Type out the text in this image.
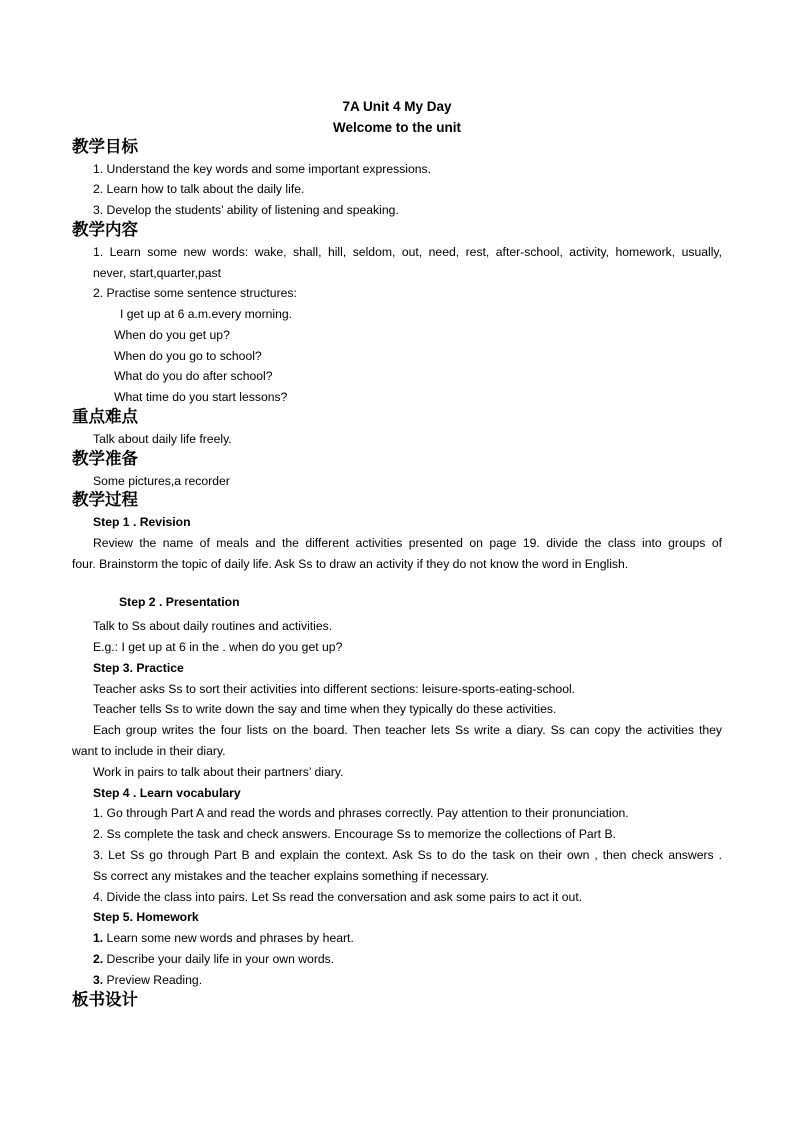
7A Unit 4 My Day
Welcome to the unit
教学目标
1. Understand the key words and some important expressions.
2. Learn how to talk about the daily life.
3. Develop the students’ ability of listening and speaking.
教学内容
1. Learn some new words: wake, shall, hill, seldom, out, need, rest, after-school, activity, homework, usually,
never, start,quarter,past
2. Practise some sentence structures:
I get up at 6 a.m.every morning.
When do you get up?
When do you go to school?
What do you do after school?
What time do you start lessons?
重点难点
Talk about daily life freely.
教学准备
Some pictures,a recorder
教学过程
Step 1 . Revision
Review the name of meals and the different activities presented on page 19. divide the class into groups of
four. Brainstorm the topic of daily life. Ask Ss to draw an activity if they do not know the word in English.
Step 2 . Presentation
Talk to Ss about daily routines and activities.
E.g.: I get up at 6 in the . when do you get up?
Step 3. Practice
Teacher asks Ss to sort their activities into different sections: leisure-sports-eating-school.
Teacher tells Ss to write down the say and time when they typically do these activities.
Each group writes the four lists on the board. Then teacher lets Ss write a diary. Ss can copy the activities they
want to include in their diary.
Work in pairs to talk about their partners’ diary.
Step 4 . Learn vocabulary
1. Go through Part A and read the words and phrases correctly. Pay attention to their pronunciation.
2. Ss complete the task and check answers. Encourage Ss to memorize the collections of Part B.
3. Let Ss go through Part B and explain the context. Ask Ss to do the task on their own , then check answers .
Ss correct any mistakes and the teacher explains something if necessary.
4. Divide the class into pairs. Let Ss read the conversation and ask some pairs to act it out.
Step 5. Homework
1. Learn some new words and phrases by heart.
2. Describe your daily life in your own words.
3. Preview Reading.
板书设计
